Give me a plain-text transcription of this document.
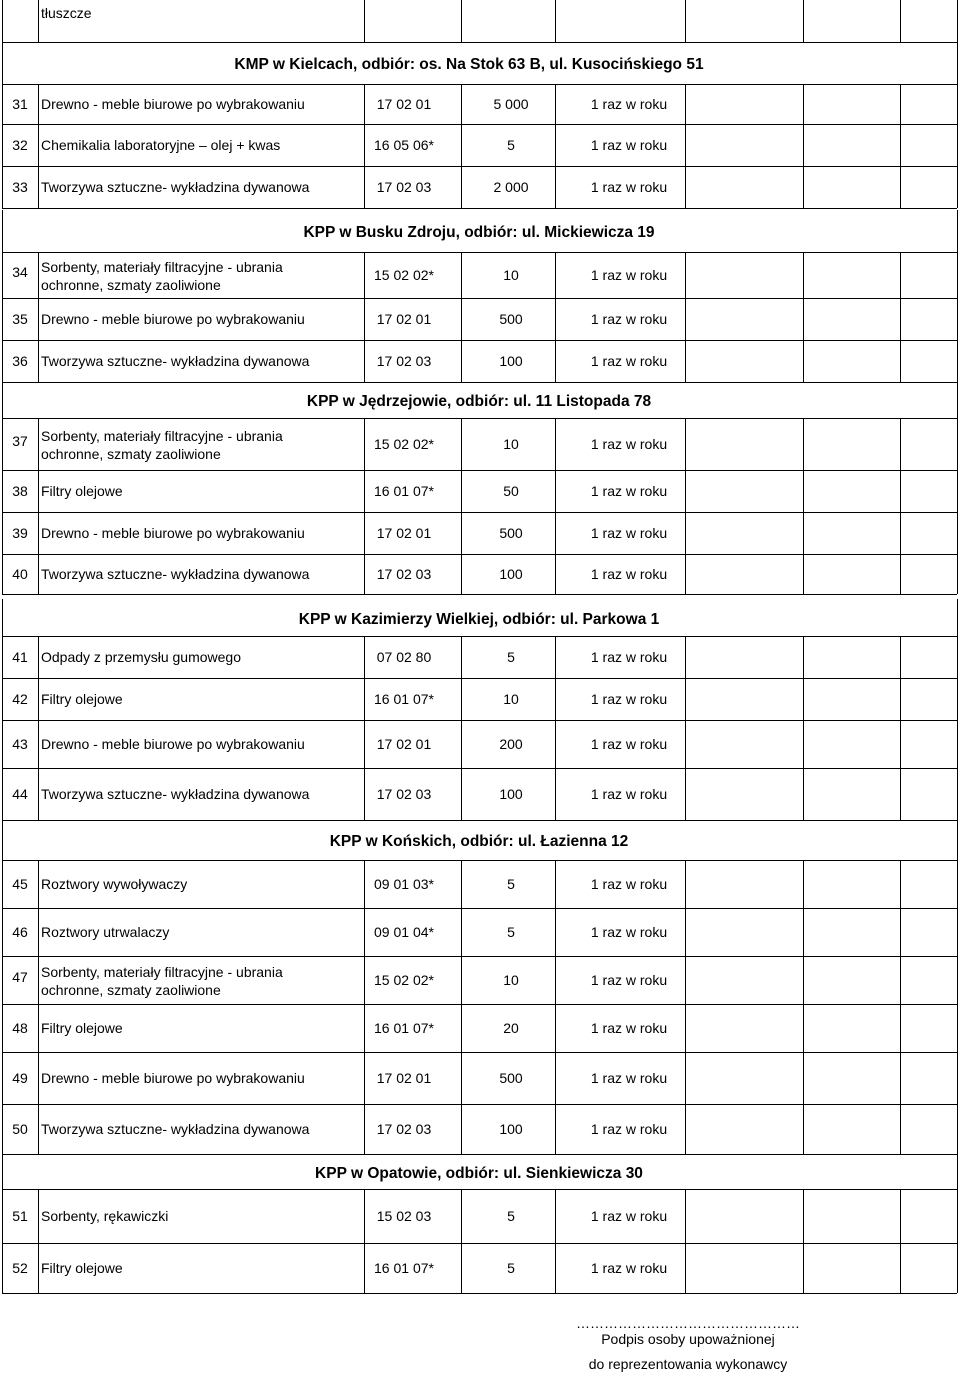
tłuszcze
KMP w Kielcach, odbiór: os. Na Stok 63 B, ul. Kusocińskiego 51
31 Drewno - meble biurowe po wybrakowaniu	17 02 01	5 000	1 raz w roku
32 Chemikalia laboratoryjne – olej + kwas	16 05 06*	5	1 raz w roku
33 Tworzywa sztuczne- wykładzina dywanowa	17 02 03	2 000	1 raz w roku
KPP w Busku Zdroju, odbiór: ul. Mickiewicza 19
34 Sorbenty, materiały filtracyjne - ubrania
ochronne, szmaty zaoliwione
15 02 02*	10	1 raz w roku
35 Drewno - meble biurowe po wybrakowaniu	17 02 01	500	1 raz w roku
36 Tworzywa sztuczne- wykładzina dywanowa	17 02 03	100	1 raz w roku
KPP w Jędrzejowie, odbiór: ul. 11 Listopada 78
37 Sorbenty, materiały filtracyjne - ubrania
ochronne, szmaty zaoliwione
15 02 02*	10	1 raz w roku
38 Filtry olejowe	16 01 07*	50	1 raz w roku
39 Drewno - meble biurowe po wybrakowaniu	17 02 01	500	1 raz w roku
40 Tworzywa sztuczne- wykładzina dywanowa	17 02 03	100	1 raz w roku
KPP w Kazimierzy Wielkiej, odbiór: ul. Parkowa 1
41 Odpady z przemysłu gumowego	07 02 80	5	1 raz w roku
42 Filtry olejowe	16 01 07*	10	1 raz w roku
43 Drewno - meble biurowe po wybrakowaniu	17 02 01	200	1 raz w roku
44 Tworzywa sztuczne- wykładzina dywanowa	17 02 03	100	1 raz w roku
KPP w Końskich, odbiór: ul. Łazienna 12
45 Roztwory wywoływaczy	09 01 03*	5	1 raz w roku
46 Roztwory utrwalaczy	09 01 04*	5	1 raz w roku
47 Sorbenty, materiały filtracyjne - ubrania
ochronne, szmaty zaoliwione
15 02 02*	10	1 raz w roku
48 Filtry olejowe	16 01 07*	20	1 raz w roku
49 Drewno - meble biurowe po wybrakowaniu	17 02 01	500	1 raz w roku
50 Tworzywa sztuczne- wykładzina dywanowa	17 02 03	100	1 raz w roku
KPP w Opatowie, odbiór: ul. Sienkiewicza 30
51 Sorbenty, rękawiczki	15 02 03	5	1 raz w roku
52 Filtry olejowe	16 01 07*	5	1 raz w roku
…………………………………………
Podpis osoby upoważnionej
do reprezentowania wykonawcy
